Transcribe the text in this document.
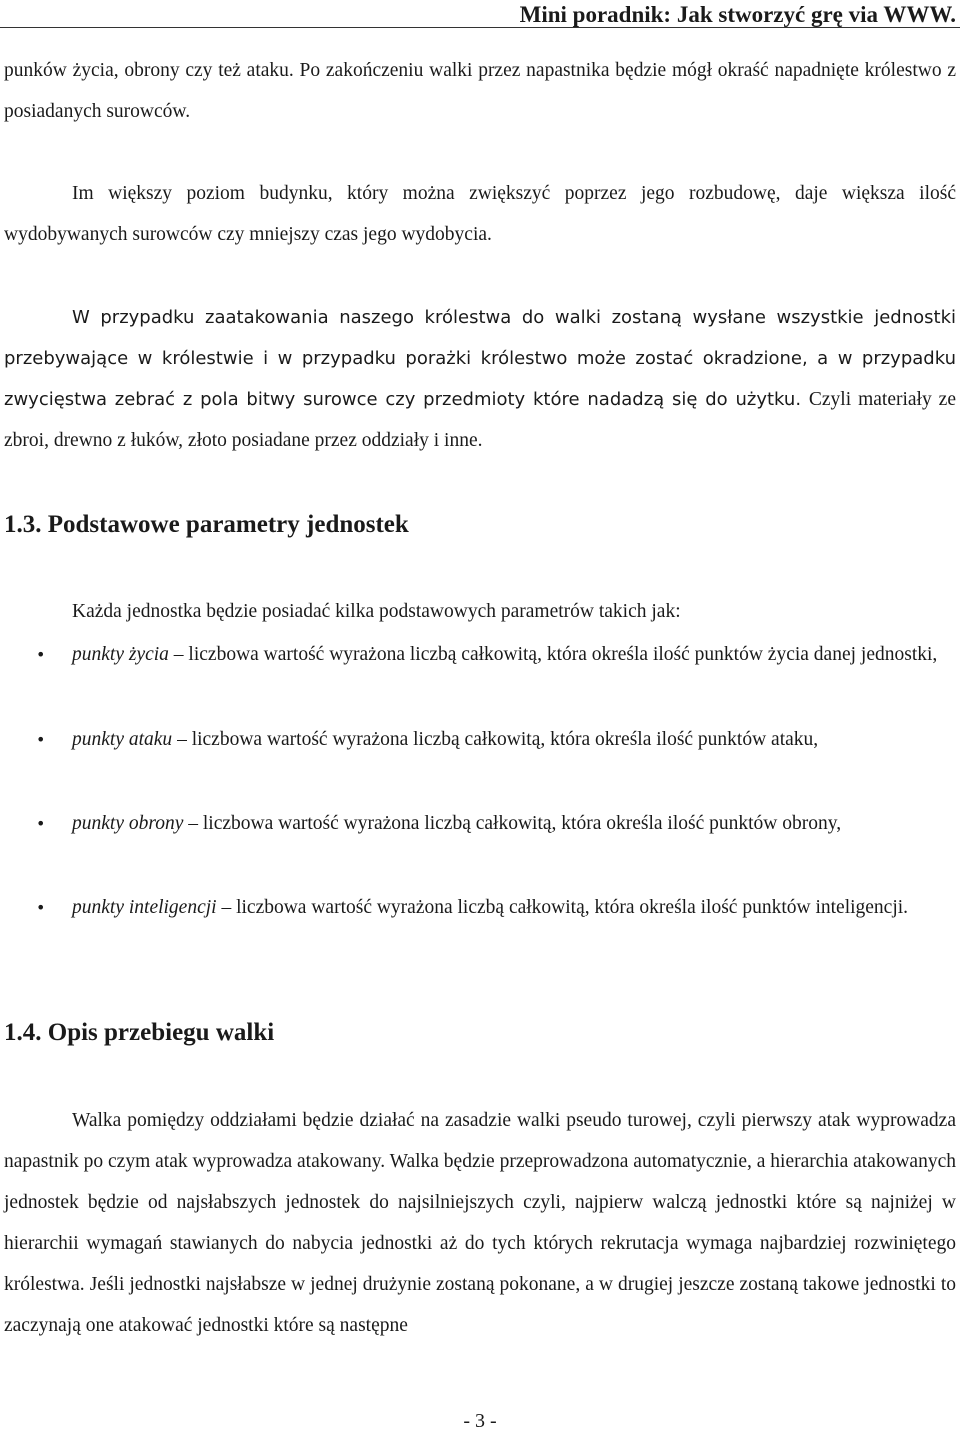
Mini poradnik: Jak stworzyć grę via WWW.
punków życia, obrony czy też ataku. Po zakończeniu walki przez napastnika będzie mógł okraść napadnięte królestwo z posiadanych surowców.
Im większy poziom budynku, który można zwiększyć poprzez jego rozbudowę, daje większa ilość wydobywanych surowców czy mniejszy czas jego wydobycia.
W przypadku zaatakowania naszego królestwa do walki zostaną wysłane wszystkie jednostki przebywające w królestwie i w przypadku porażki królestwo może zostać okradzione, a w przypadku zwycięstwa zebrać z pola bitwy surowce czy przedmioty które nadadzą się do użytku. Czyli materiały ze zbroi, drewno z łuków, złoto posiadane przez oddziały i inne.
1.3. Podstawowe parametry jednostek
Każda jednostka będzie posiadać kilka podstawowych parametrów takich jak:
• punkty życia – liczbowa wartość wyrażona liczbą całkowitą, która określa ilość punktów życia danej jednostki,
• punkty ataku – liczbowa wartość wyrażona liczbą całkowitą, która określa ilość punktów ataku,
• punkty obrony – liczbowa wartość wyrażona liczbą całkowitą, która określa ilość punktów obrony,
• punkty inteligencji – liczbowa wartość wyrażona liczbą całkowitą, która określa ilość punktów inteligencji.
1.4. Opis przebiegu walki
Walka pomiędzy oddziałami będzie działać na zasadzie walki pseudo turowej, czyli pierwszy atak wyprowadza napastnik po czym atak wyprowadza atakowany. Walka będzie przeprowadzona automatycznie, a hierarchia atakowanych jednostek będzie od najsłabszych jednostek do najsilniejszych czyli, najpierw walczą jednostki które są najniżej w hierarchii wymagań stawianych do nabycia jednostki aż do tych których rekrutacja wymaga najbardziej rozwiniętego królestwa. Jeśli jednostki najsłabsze w jednej drużynie zostaną pokonane, a w drugiej jeszcze zostaną takowe jednostki to zaczynają one atakować jednostki które są następne
- 3 -
